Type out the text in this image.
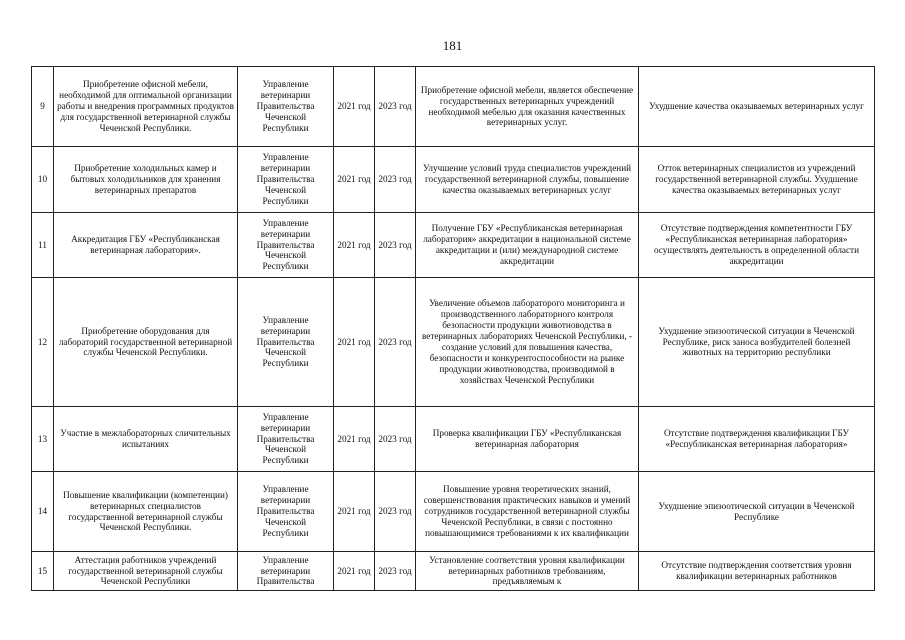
181
9	Приобретение офисной мебели, необходимой для оптимальной организации работы и внедрения программных продуктов для государственной ветеринарной службы Чеченской Республики.	Управление ветеринарии Правительства Чеченской Республики	2021 год	2023 год	Приобретение офисной мебели, является обеспечение государственных ветеринарных учреждений необходимой мебелью для оказания качественных ветеринарных услуг.	Ухудшение качества оказываемых ветеринарных услуг
10	Приобретение холодильных камер и бытовых холодильников для хранения ветеринарных препаратов	Управление ветеринарии Правительства Чеченской Республики	2021 год	2023 год	Улучшение условий труда специалистов учреждений государственной ветеринарной службы, повышение качества оказываемых ветеринарных услуг	Отток ветеринарных специалистов из учреждений государственной ветеринарной службы. Ухудшение качества оказываемых ветеринарных услуг
11	Аккредитация ГБУ «Республиканская ветеринарная лаборатория».	Управление ветеринарии Правительства Чеченской Республики	2021 год	2023 год	Получение ГБУ «Республиканская ветеринарная лаборатория» аккредитации в национальной системе аккредитации и (или) международной системе аккредитации	Отсутствие подтверждения компетентности ГБУ «Республиканская ветеринарная лаборатория» осуществлять деятельность в определенной области аккредитации
12	Приобретение оборудования для лабораторий государственной ветеринарной службы Чеченской Республики.	Управление ветеринарии Правительства Чеченской Республики	2021 год	2023 год	Увеличение объемов лабораторого мониторинга и производственного лабораторного контроля безопасности продукции животноводства в ветеринарных лабораториях Чеченской Республики, - создание условий для повышения качества, безопасности и конкурентоспособности на рынке продукции животноводства, производимой в хозяйствах Чеченской Республики	Ухудшение эпизоотической ситуации в Чеченской Республике, риск заноса возбудителей болезней животных на территорию республики
13	Участие в межлабораторных сличительных испытаниях	Управление ветеринарии Правительства Чеченской Республики	2021 год	2023 год	Проверка квалификации ГБУ «Республиканская ветеринарная лаборатория	Отсутствие подтверждения квалификации ГБУ «Республиканская ветеринарная лаборатория»
14	Повышение квалификации (компетенции) ветеринарных специалистов государственной ветеринарной службы Чеченской Республики.	Управление ветеринарии Правительства Чеченской Республики	2021 год	2023 год	Повышение уровня теоретических знаний, совершенствования практических навыков и умений сотрудников государственной ветеринарной службы Чеченской Республики, в связи с постоянно повышающимися требованиями к их квалификации	Ухудшение эпизоотической ситуации в Чеченской Республике
15	Аттестация работников учреждений государственной ветеринарной службы Чеченской Республики	Управление ветеринарии Правительства	2021 год	2023 год	Установление соответствия уровня квалификации ветеринарных работников требованиям, предъявляемым к	Отсутствие подтверждения соответствия уровня квалификации ветеринарных работников
